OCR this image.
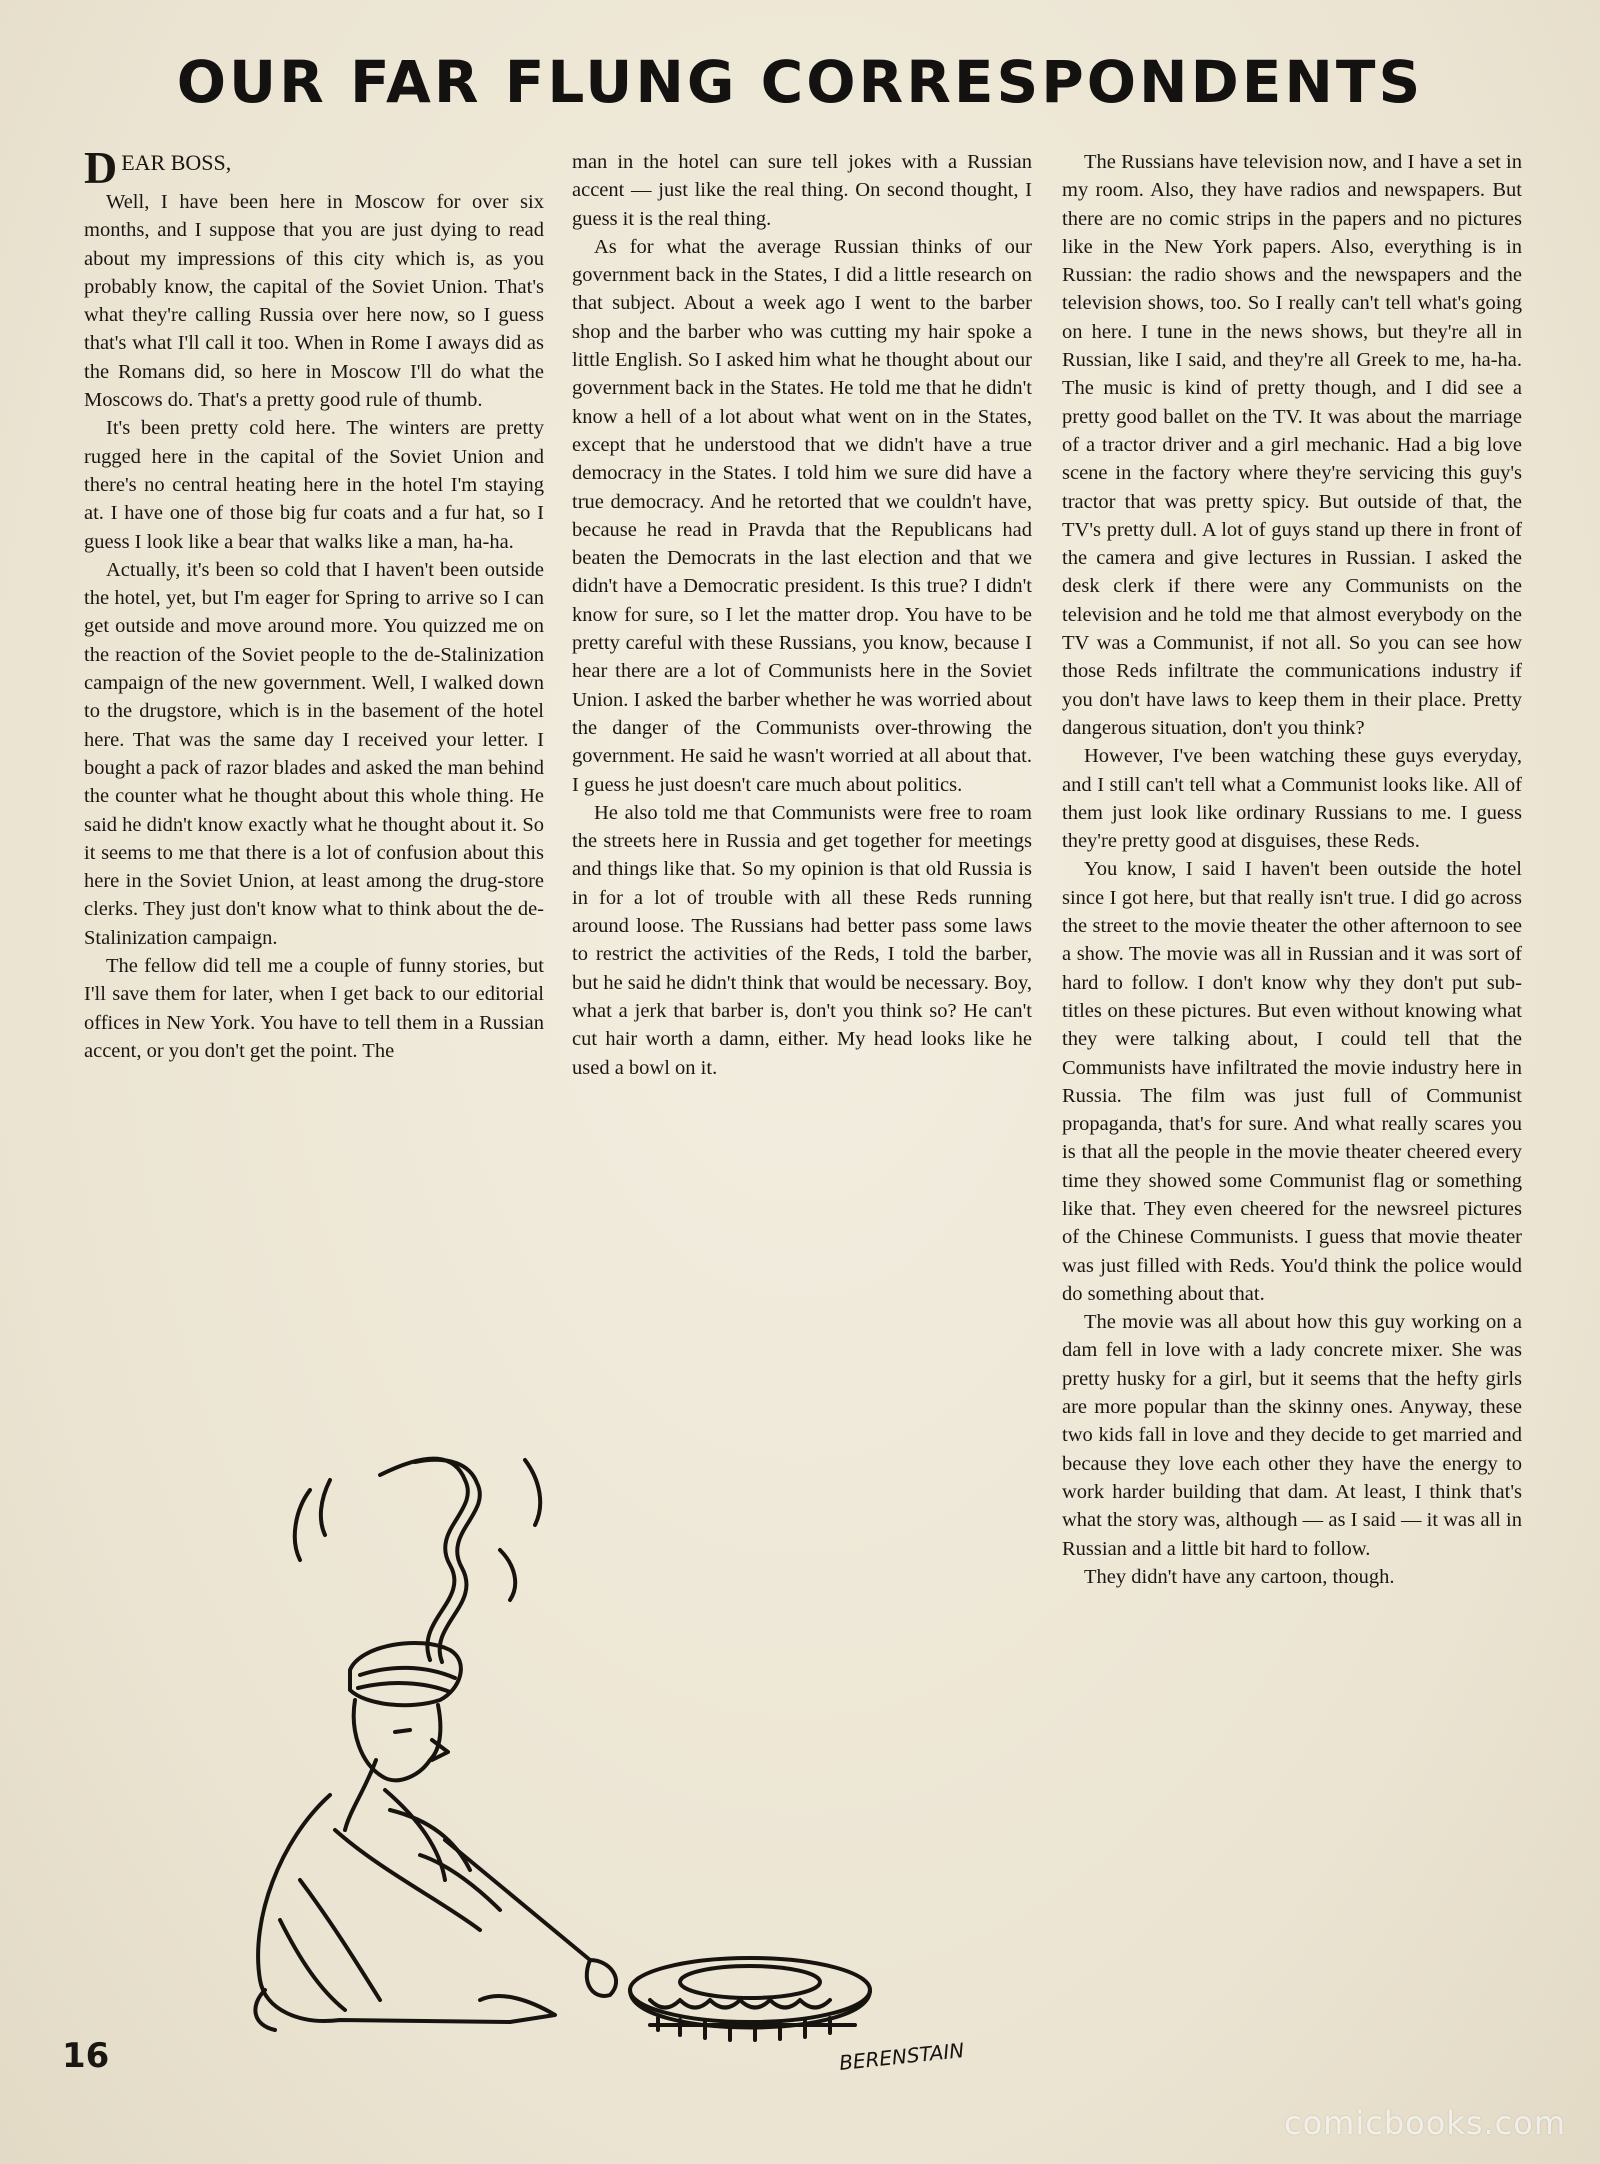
OUR FAR FLUNG CORRESPONDENTS
DEAR BOSS,

Well, I have been here in Moscow for over six months, and I suppose that you are just dying to read about my impressions of this city which is, as you probably know, the capital of the Soviet Union. That's what they're calling Russia over here now, so I guess that's what I'll call it too. When in Rome I aways did as the Romans did, so here in Moscow I'll do what the Moscows do. That's a pretty good rule of thumb.

It's been pretty cold here. The winters are pretty rugged here in the capital of the Soviet Union and there's no central heating here in the hotel I'm staying at. I have one of those big fur coats and a fur hat, so I guess I look like a bear that walks like a man, ha-ha.

Actually, it's been so cold that I haven't been outside the hotel, yet, but I'm eager for Spring to arrive so I can get outside and move around more. You quizzed me on the reaction of the Soviet people to the de-Stalinization campaign of the new government. Well, I walked down to the drugstore, which is in the basement of the hotel here. That was the same day I received your letter. I bought a pack of razor blades and asked the man behind the counter what he thought about this whole thing. He said he didn't know exactly what he thought about it. So it seems to me that there is a lot of confusion about this here in the Soviet Union, at least among the drug-store clerks. They just don't know what to think about the de-Stalinization campaign.

The fellow did tell me a couple of funny stories, but I'll save them for later, when I get back to our editorial offices in New York. You have to tell them in a Russian accent, or you don't get the point. The

man in the hotel can sure tell jokes with a Russian accent — just like the real thing. On second thought, I guess it is the real thing.

As for what the average Russian thinks of our government back in the States, I did a little research on that subject. About a week ago I went to the barber shop and the barber who was cutting my hair spoke a little English. So I asked him what he thought about our government back in the States. He told me that he didn't know a hell of a lot about what went on in the States, except that he understood that we didn't have a true democracy in the States. I told him we sure did have a true democracy. And he retorted that we couldn't have, because he read in Pravda that the Republicans had beaten the Democrats in the last election and that we didn't have a Democratic president. Is this true? I didn't know for sure, so I let the matter drop. You have to be pretty careful with these Russians, you know, because I hear there are a lot of Communists here in the Soviet Union. I asked the barber whether he was worried about the danger of the Communists over-throwing the government. He said he wasn't worried at all about that. I guess he just doesn't care much about politics.

He also told me that Communists were free to roam the streets here in Russia and get together for meetings and things like that. So my opinion is that old Russia is in for a lot of trouble with all these Reds running around loose. The Russians had better pass some laws to restrict the activities of the Reds, I told the barber, but he said he didn't think that would be necessary. Boy, what a jerk that barber is, don't you think so? He can't cut hair worth a damn, either. My head looks like he used a bowl on it.

The Russians have television now, and I have a set in my room. Also, they have radios and newspapers. But there are no comic strips in the papers and no pictures like in the New York papers. Also, everything is in Russian: the radio shows and the newspapers and the television shows, too. So I really can't tell what's going on here. I tune in the news shows, but they're all in Russian, like I said, and they're all Greek to me, ha-ha. The music is kind of pretty though, and I did see a pretty good ballet on the TV. It was about the marriage of a tractor driver and a girl mechanic. Had a big love scene in the factory where they're servicing this guy's tractor that was pretty spicy. But outside of that, the TV's pretty dull. A lot of guys stand up there in front of the camera and give lectures in Russian. I asked the desk clerk if there were any Communists on the television and he told me that almost everybody on the TV was a Communist, if not all. So you can see how those Reds infiltrate the communications industry if you don't have laws to keep them in their place. Pretty dangerous situation, don't you think?

However, I've been watching these guys everyday, and I still can't tell what a Communist looks like. All of them just look like ordinary Russians to me. I guess they're pretty good at disguises, these Reds.

You know, I said I haven't been outside the hotel since I got here, but that really isn't true. I did go across the street to the movie theater the other afternoon to see a show. The movie was all in Russian and it was sort of hard to follow. I don't know why they don't put sub-titles on these pictures. But even without knowing what they were talking about, I could tell that the Communists have infiltrated the movie industry here in Russia. The film was just full of Communist propaganda, that's for sure. And what really scares you is that all the people in the movie theater cheered every time they showed some Communist flag or something like that. They even cheered for the newsreel pictures of the Chinese Communists. I guess that movie theater was just filled with Reds. You'd think the police would do something about that.

The movie was all about how this guy working on a dam fell in love with a lady concrete mixer. She was pretty husky for a girl, but it seems that the hefty girls are more popular than the skinny ones. Anyway, these two kids fall in love and they decide to get married and because they love each other they have the energy to work harder building that dam. At least, I think that's what the story was, although — as I said — it was all in Russian and a little bit hard to follow.

They didn't have any cartoon, though.

BERENSTAIN
16
comicbooks.com
